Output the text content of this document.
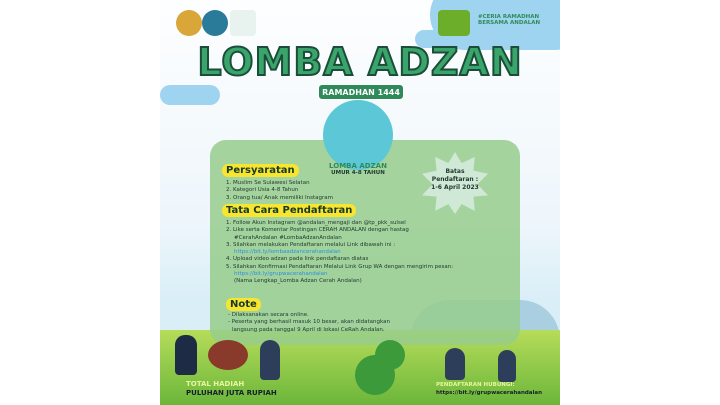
#CERIA RAMADHAN BERSAMA ANDALAN
LOMBA ADZAN
RAMADHAN 1444
LOMBA ADZAN
UMUR 4-8 TAHUN	Batas
Pendaftaran :
1-6 April 2023
Persyaratan
1. Muslim Se Sulawesi Selatan
2. Kategori Usia 4-8 Tahun
3. Orang tua/ Anak memiliki Instagram
Tata Cara Pendaftaran
1. Follow Akun Instagram @andalan_mengaji dan @tp_pkk_sulsel
2. Like serta Komentar Postingan CERAH ANDALAN dengan hastag
#CerahAndalan #LombaAdzanAndalan
3. Silahkan melakukan Pendaftaran melalui Link dibawah ini :
https://bit.ly/lombaadzancerahandalan
4. Upload video adzan pada link pendaftaran diatas
5. Silahkan Konfirmasi Pendaftaran Melalui Link Grup WA dengan mengirim pesan:
https://bit.ly/grupwacerahandalan
(Nama Lengkap_Lomba Adzan Cerah Andalan)
Note
- Dilaksanakan secara online.
- Peserta yang berhasil masuk 10 besar, akan didatangkan
langsung pada tanggal 9 April di lokasi CeRah Andalan.
TOTAL HADIAH
PULUHAN JUTA RUPIAH
PENDAFTARAN HUBUNGI:
https://bit.ly/grupwacerahandalan
